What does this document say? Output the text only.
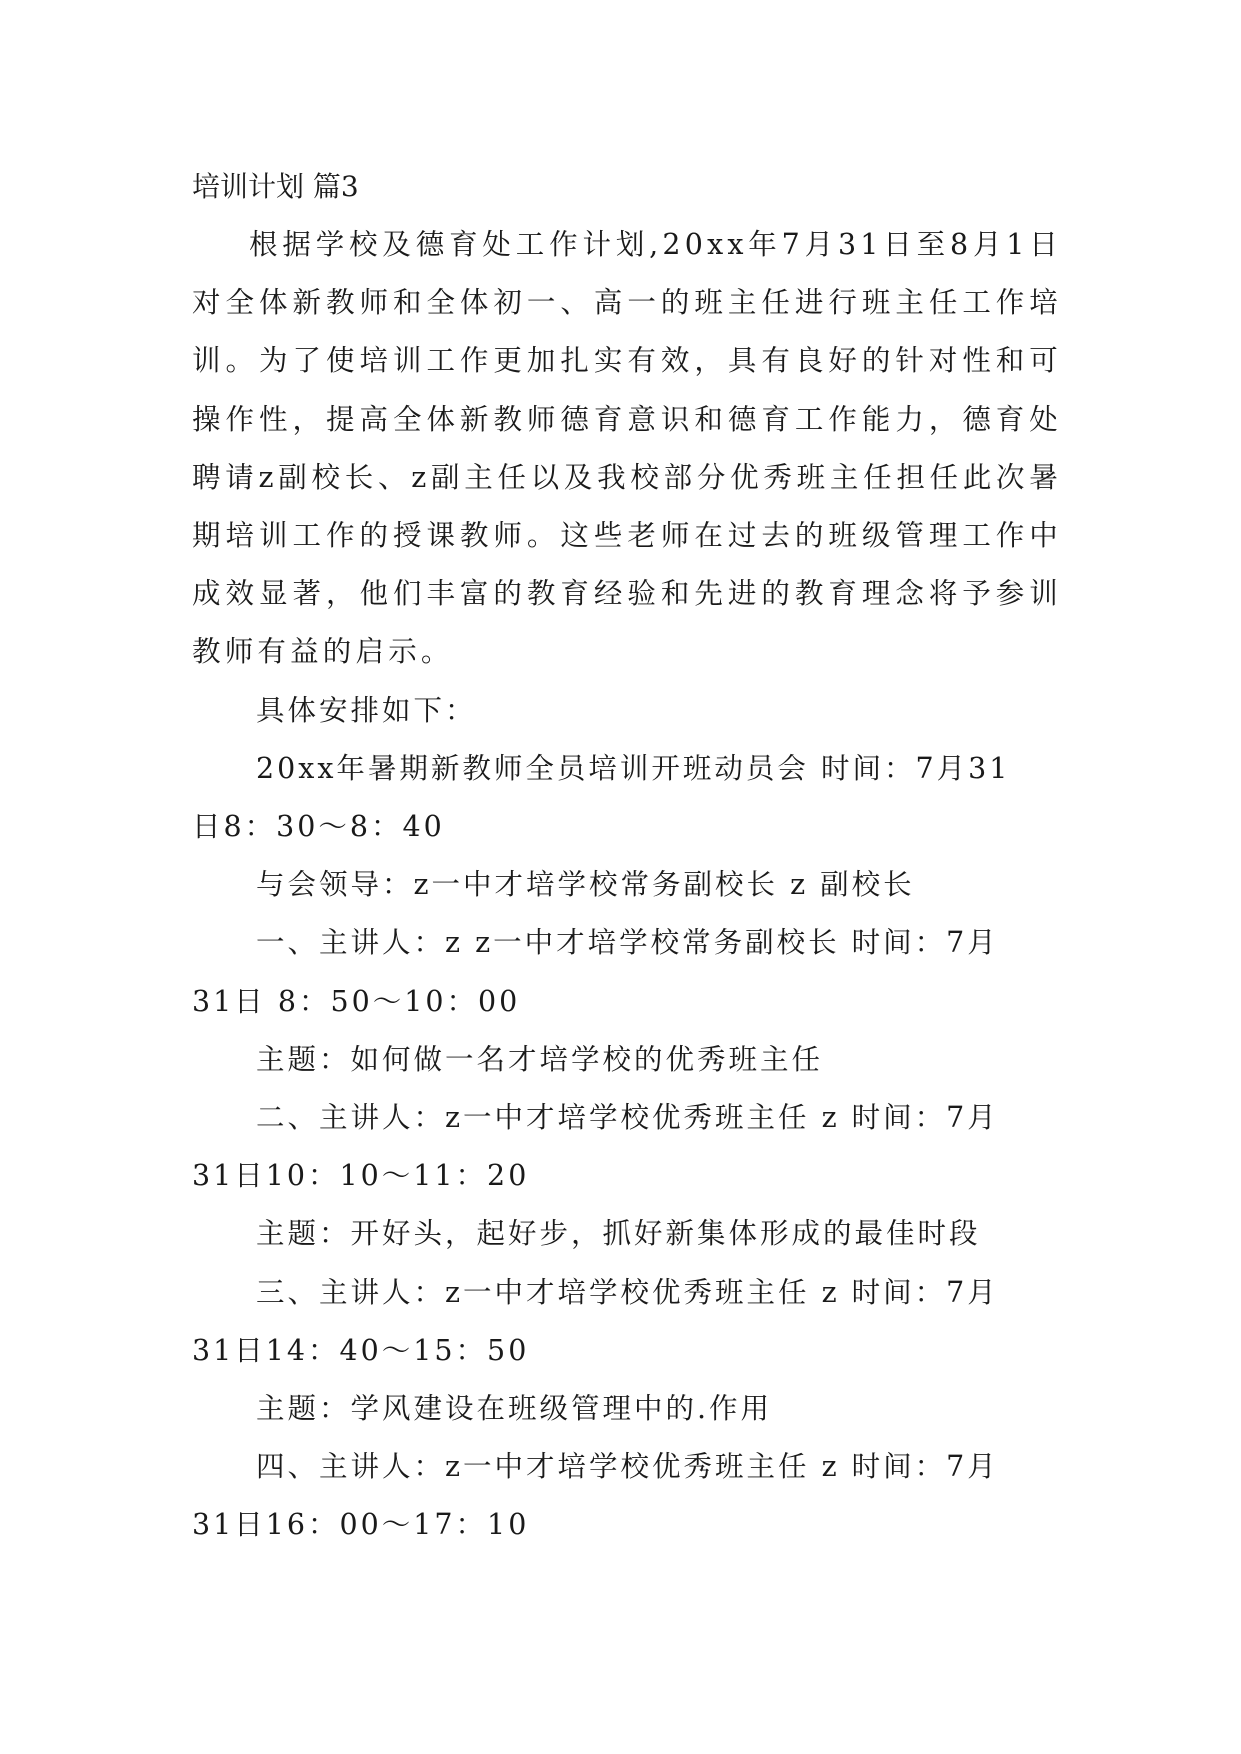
培训计划 篇3

根据学校及德育处工作计划,20xx年7月31日至8月1日对全体新教师和全体初一、高一的班主任进行班主任工作培训。为了使培训工作更加扎实有效，具有良好的针对性和可操作性，提高全体新教师德育意识和德育工作能力，德育处聘请z副校长、z副主任以及我校部分优秀班主任担任此次暑期培训工作的授课教师。这些老师在过去的班级管理工作中成效显著，他们丰富的教育经验和先进的教育理念将予参训教师有益的启示。

具体安排如下：

20xx年暑期新教师全员培训开班动员会 时间：7月31

日8：30～8：40

与会领导：z一中才培学校常务副校长 z 副校长

一、主讲人：z z一中才培学校常务副校长 时间：7月

31日 8：50～10：00

主题：如何做一名才培学校的优秀班主任

二、主讲人：z一中才培学校优秀班主任 z 时间：7月

31日10：10～11：20

主题：开好头，起好步，抓好新集体形成的最佳时段

三、主讲人：z一中才培学校优秀班主任 z 时间：7月

31日14：40～15：50

主题：学风建设在班级管理中的.作用

四、主讲人：z一中才培学校优秀班主任 z 时间：7月

31日16：00～17：10
